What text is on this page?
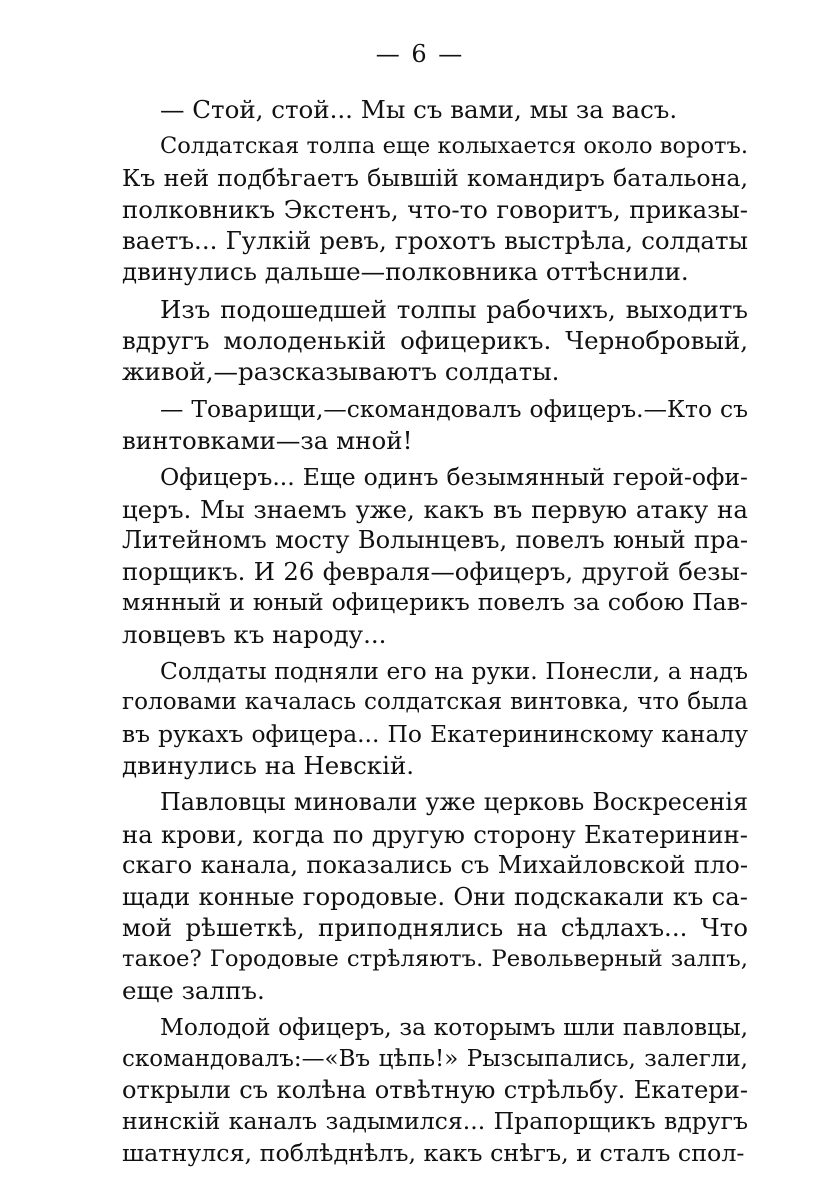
— 6 —
— Стой, стой... Мы съ вами, мы за васъ.
Солдатская толпа еще колыхается около воротъ.
Къ ней подбѣгаетъ бывшій командиръ батальона,
полковникъ Экстенъ, что-то говоритъ, приказы-
ваетъ... Гулкій ревъ, грохотъ выстрѣла, солдаты
двинулись дальше—полковника оттѣснили.
Изъ подошедшей толпы рабочихъ, выходитъ
вдругъ молоденькій офицерикъ. Чернобровый,
живой,—разсказываютъ солдаты.
— Товарищи,—скомандовалъ офицеръ.—Кто съ
винтовками—за мной!
Офицеръ... Еще одинъ безымянный герой-офи-
церъ. Мы знаемъ уже, какъ въ первую атаку на
Литейномъ мосту Волынцевъ, повелъ юный пра-
порщикъ. И 26 февраля—офицеръ, другой безы-
мянный и юный офицерикъ повелъ за собою Пав-
ловцевъ къ народу...
Солдаты подняли его на руки. Понесли, а надъ
головами качалась солдатская винтовка, что была
въ рукахъ офицера... По Екатерининскому каналу
двинулись на Невскій.
Павловцы миновали уже церковь Воскресенія
на крови, когда по другую сторону Екатеринин-
скаго канала, показались съ Михайловской пло-
щади конные городовые. Они подскакали къ са-
мой рѣшеткѣ, приподнялись на сѣдлахъ... Что
такое? Городовые стрѣляютъ. Револьверный залпъ,
еще залпъ.
Молодой офицеръ, за которымъ шли павловцы,
скомандовалъ:—«Въ цѣпь!» Рызсыпались, залегли,
открыли съ колѣна отвѣтную стрѣльбу. Екатери-
нинскій каналъ задымился... Прапорщикъ вдругъ
шатнулся, поблѣднѣлъ, какъ снѣгъ, и сталъ спол-
